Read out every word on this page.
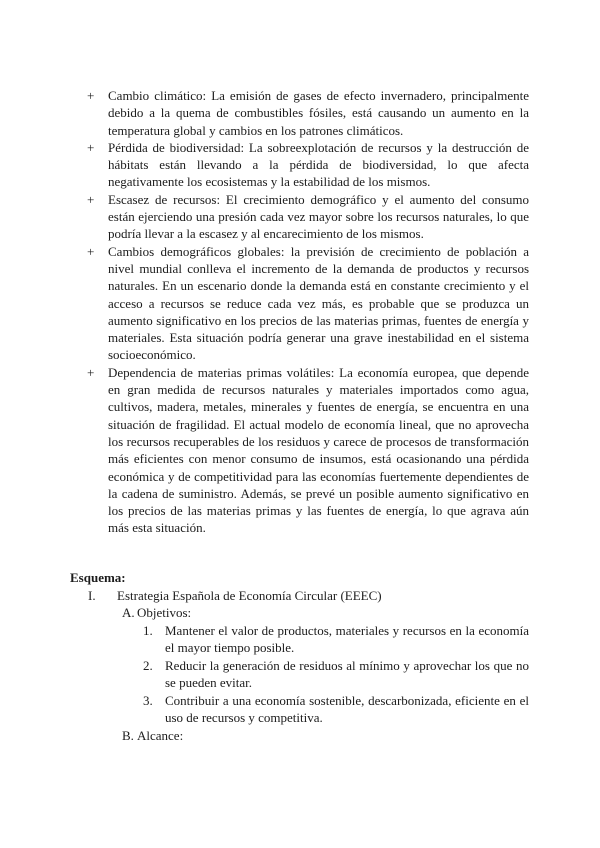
+ Cambio climático: La emisión de gases de efecto invernadero, principalmente debido a la quema de combustibles fósiles, está causando un aumento en la temperatura global y cambios en los patrones climáticos.
+ Pérdida de biodiversidad: La sobreexplotación de recursos y la destrucción de hábitats están llevando a la pérdida de biodiversidad, lo que afecta negativamente los ecosistemas y la estabilidad de los mismos.
+ Escasez de recursos: El crecimiento demográfico y el aumento del consumo están ejerciendo una presión cada vez mayor sobre los recursos naturales, lo que podría llevar a la escasez y al encarecimiento de los mismos.
+ Cambios demográficos globales: la previsión de crecimiento de población a nivel mundial conlleva el incremento de la demanda de productos y recursos naturales. En un escenario donde la demanda está en constante crecimiento y el acceso a recursos se reduce cada vez más, es probable que se produzca un aumento significativo en los precios de las materias primas, fuentes de energía y materiales. Esta situación podría generar una grave inestabilidad en el sistema socioeconómico.
+ Dependencia de materias primas volátiles: La economía europea, que depende en gran medida de recursos naturales y materiales importados como agua, cultivos, madera, metales, minerales y fuentes de energía, se encuentra en una situación de fragilidad. El actual modelo de economía lineal, que no aprovecha los recursos recuperables de los residuos y carece de procesos de transformación más eficientes con menor consumo de insumos, está ocasionando una pérdida económica y de competitividad para las economías fuertemente dependientes de la cadena de suministro. Además, se prevé un posible aumento significativo en los precios de las materias primas y las fuentes de energía, lo que agrava aún más esta situación.
Esquema:
I. Estrategia Española de Economía Circular (EEEC)
A. Objetivos:
1. Mantener el valor de productos, materiales y recursos en la economía el mayor tiempo posible.
2. Reducir la generación de residuos al mínimo y aprovechar los que no se pueden evitar.
3. Contribuir a una economía sostenible, descarbonizada, eficiente en el uso de recursos y competitiva.
B. Alcance:
